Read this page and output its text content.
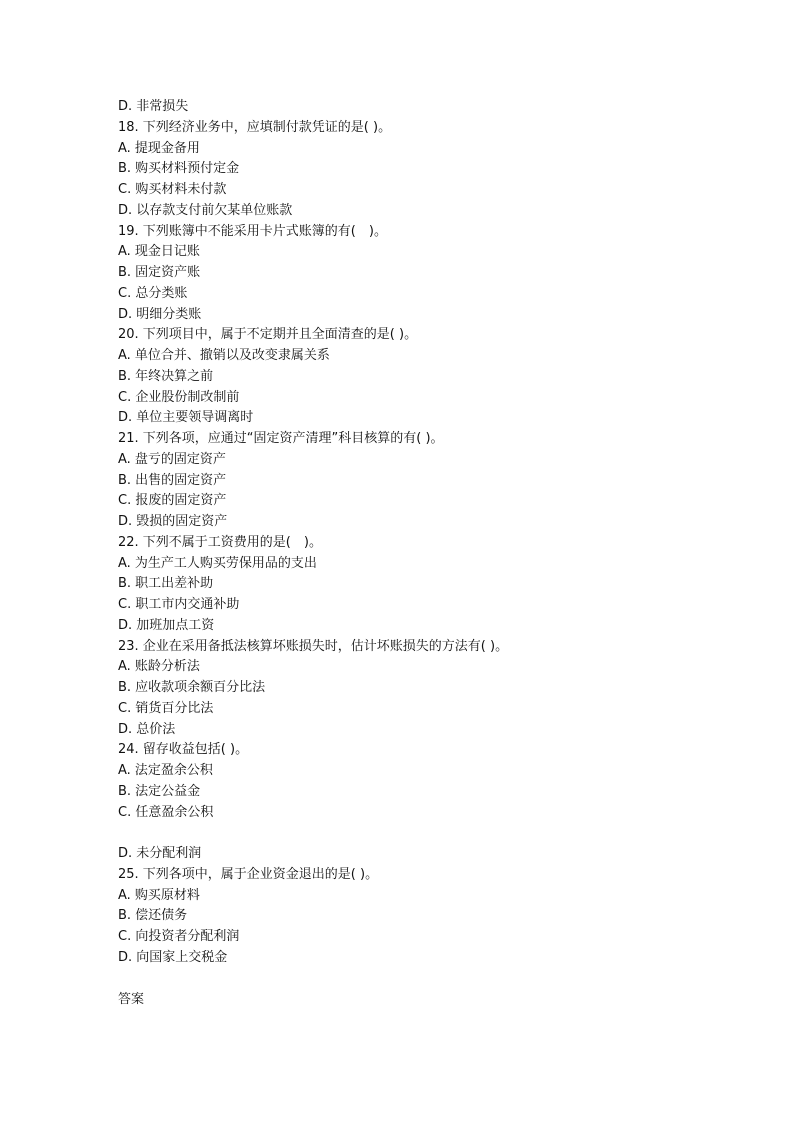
D. 非常损失
18. 下列经济业务中，应填制付款凭证的是( )。
A. 提现金备用
B. 购买材料预付定金
C. 购买材料未付款
D. 以存款支付前欠某单位账款
19. 下列账簿中不能采用卡片式账簿的有(　)。
A. 现金日记账
B. 固定资产账
C. 总分类账
D. 明细分类账
20. 下列项目中，属于不定期并且全面清查的是( )。
A. 单位合并、撤销以及改变隶属关系
B. 年终决算之前
C. 企业股份制改制前
D. 单位主要领导调离时
21. 下列各项，应通过“固定资产清理”科目核算的有( )。
A. 盘亏的固定资产
B. 出售的固定资产
C. 报废的固定资产
D. 毁损的固定资产
22. 下列不属于工资费用的是(　)。
A. 为生产工人购买劳保用品的支出
B. 职工出差补助
C. 职工市内交通补助
D. 加班加点工资
23. 企业在采用备抵法核算坏账损失时，估计坏账损失的方法有( )。
A. 账龄分析法
B. 应收款项余额百分比法
C. 销货百分比法
D. 总价法
24. 留存收益包括( )。
A. 法定盈余公积
B. 法定公益金
C. 任意盈余公积
D. 未分配利润
25. 下列各项中，属于企业资金退出的是( )。
A. 购买原材料
B. 偿还债务
C. 向投资者分配利润
D. 向国家上交税金
答案
